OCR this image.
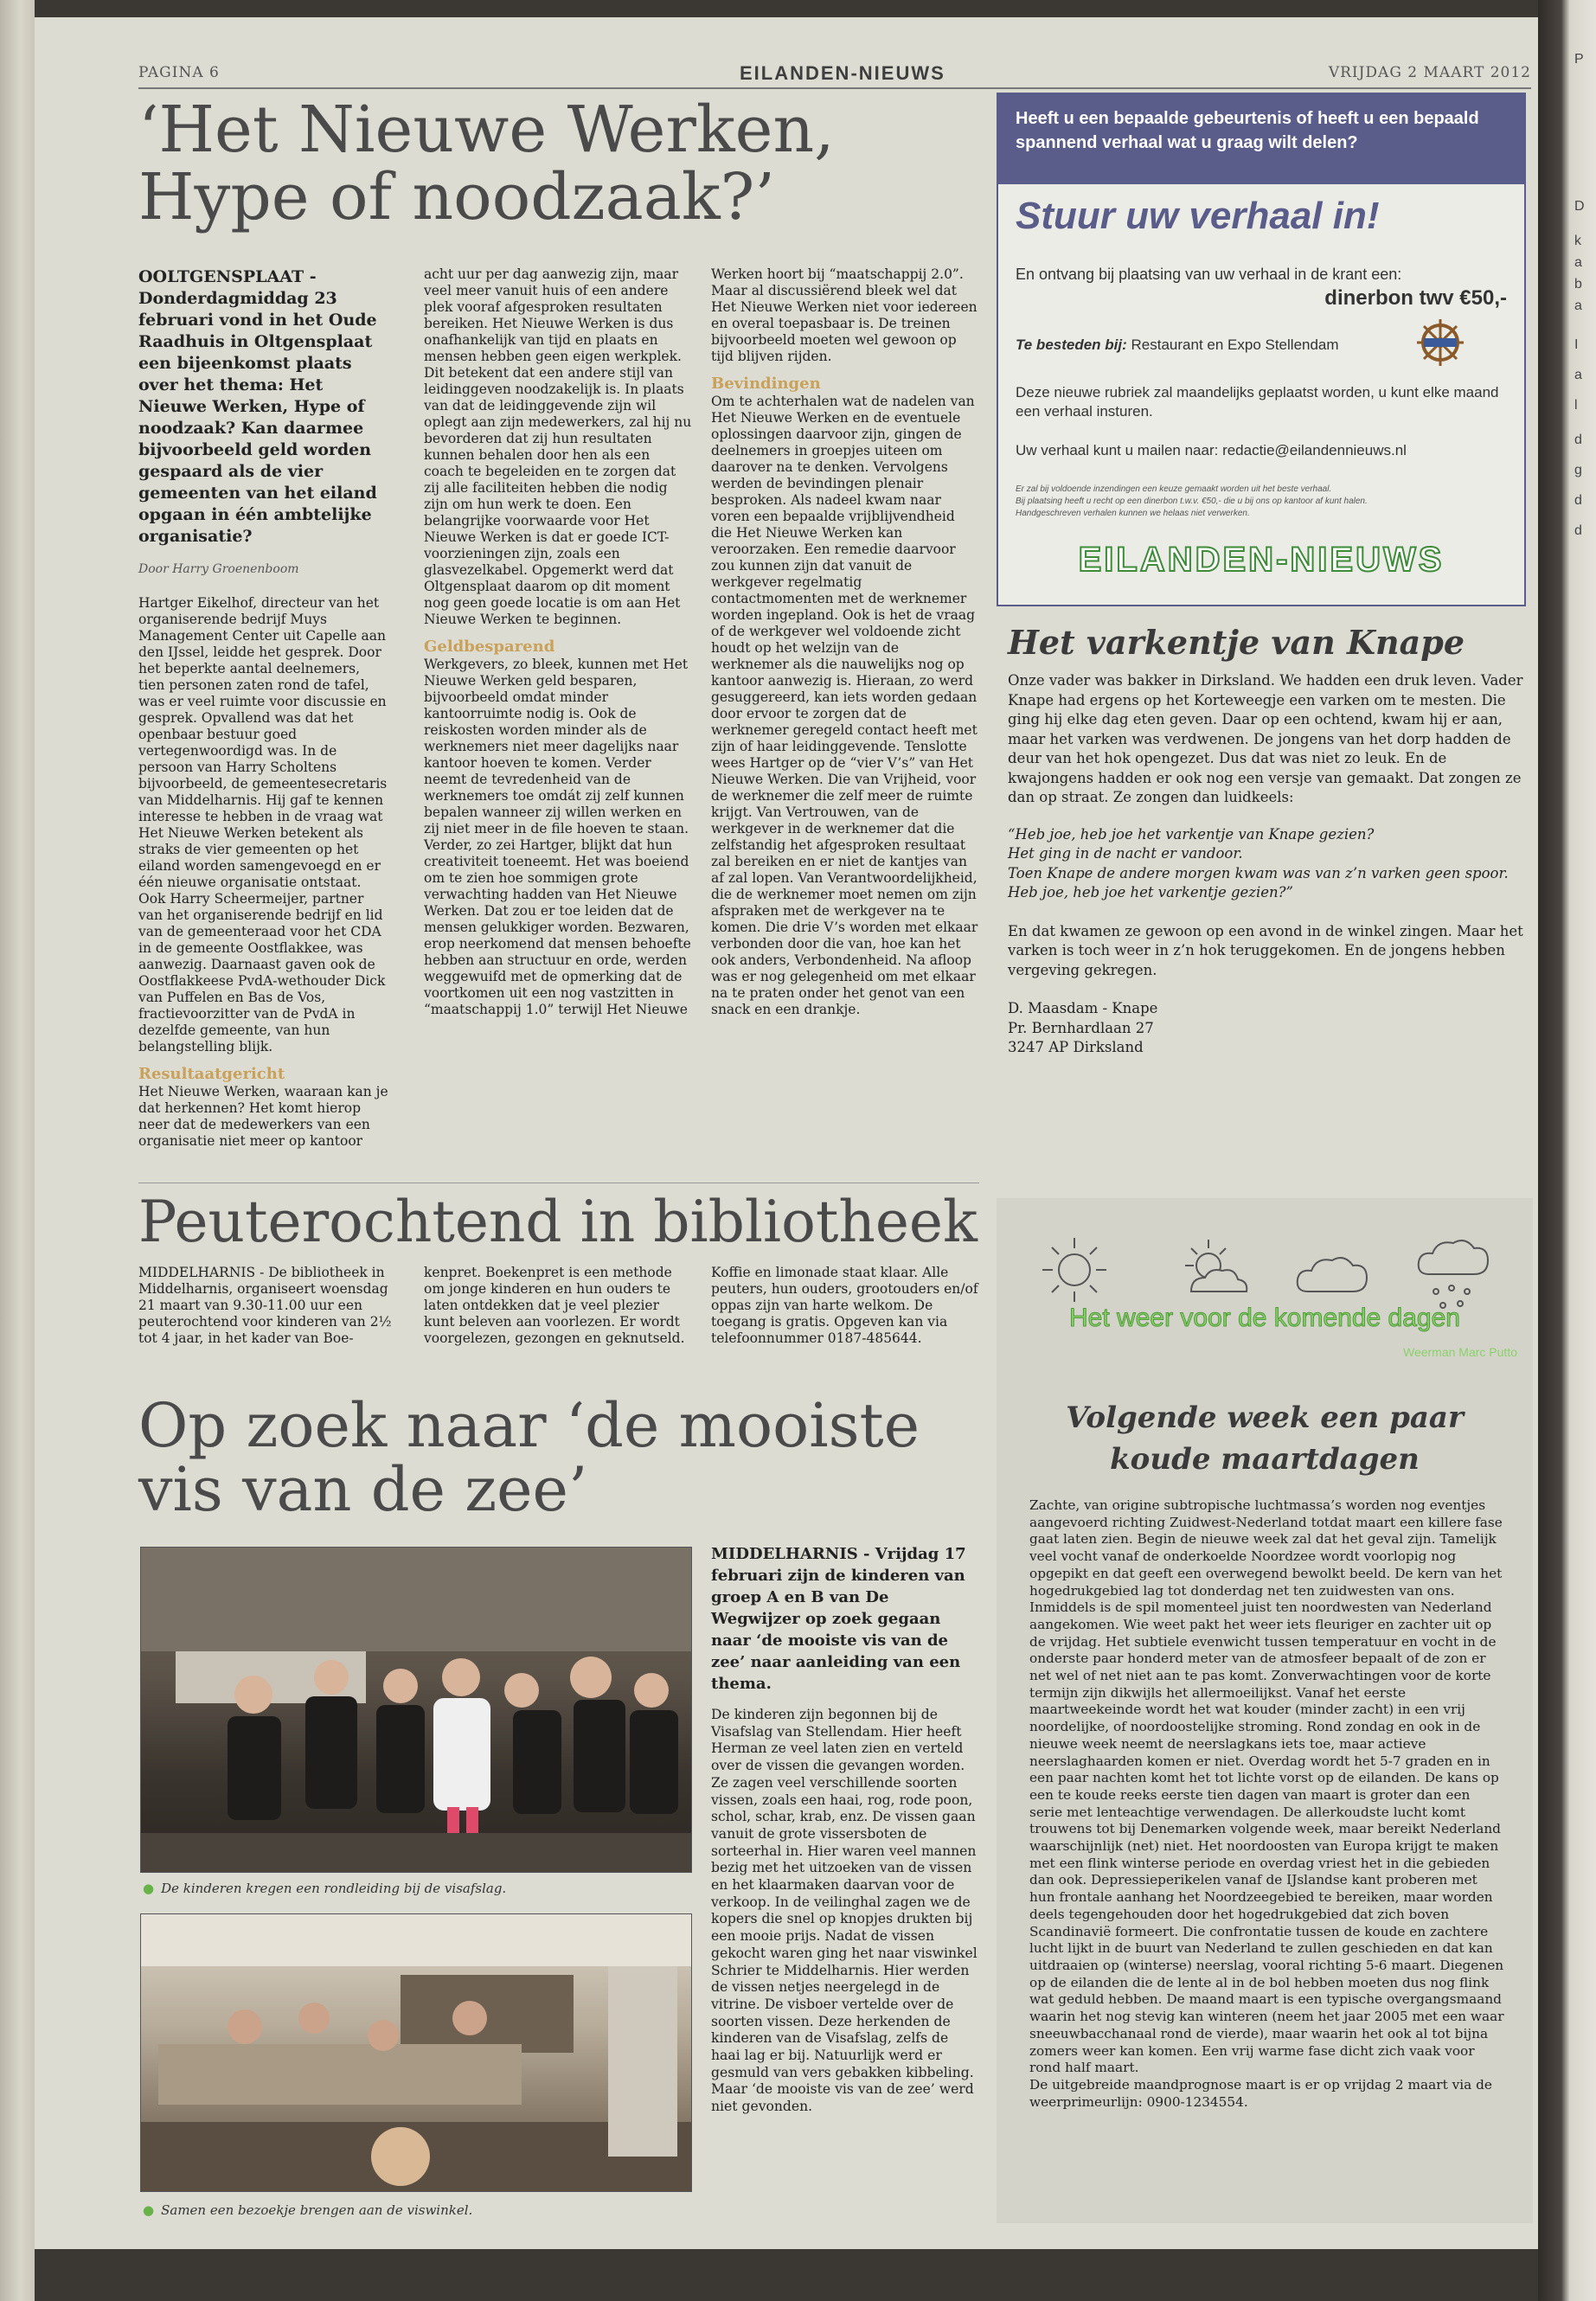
P
D
k
a
b
a
I
a
l
d
g
d
d
PAGINA 6	EILANDEN-NIEUWS	VRIJDAG 2 MAART 2012
‘Het Nieuwe Werken,
Hype of noodzaak?’

OOLTGENSPLAAT - Donderdagmiddag 23 februari vond in het Oude Raadhuis in Oltgensplaat een bijeenkomst plaats over het thema: Het Nieuwe Werken, Hype of noodzaak? Kan daarmee bijvoorbeeld geld worden gespaard als de vier gemeenten van het eiland opgaan in één ambtelijke organisatie?

Door Harry Groenenboom

Hartger Eikelhof, directeur van het organiserende bedrijf Muys Management Center uit Capelle aan den IJssel, leidde het gesprek. Door het beperkte aantal deelnemers, tien personen zaten rond de tafel, was er veel ruimte voor discussie en gesprek. Opvallend was dat het openbaar bestuur goed vertegenwoordigd was. In de persoon van Harry Scholtens bijvoorbeeld, de gemeentesecretaris van Middelharnis. Hij gaf te kennen interesse te hebben in de vraag wat Het Nieuwe Werken betekent als straks de vier gemeenten op het eiland worden samengevoegd en er één nieuwe organisatie ontstaat. Ook Harry Scheermeijer, partner van het organiserende bedrijf en lid van de gemeenteraad voor het CDA in de gemeente Oostflakkee, was aanwezig. Daarnaast gaven ook de Oostflakkeese PvdA-wethouder Dick van Puffelen en Bas de Vos, fractievoorzitter van de PvdA in dezelfde gemeente, van hun belangstelling blijk.

Resultaatgericht

Het Nieuwe Werken, waaraan kan je dat herkennen? Het komt hierop neer dat de medewerkers van een organisatie niet meer op kantoor

acht uur per dag aanwezig zijn, maar veel meer vanuit huis of een andere plek vooraf afgesproken resultaten bereiken. Het Nieuwe Werken is dus onafhankelijk van tijd en plaats en mensen hebben geen eigen werkplek. Dit betekent dat een andere stijl van leidinggeven noodzakelijk is. In plaats van dat de leidinggevende zijn wil oplegt aan zijn medewerkers, zal hij nu bevorderen dat zij hun resultaten kunnen behalen door hen als een coach te begeleiden en te zorgen dat zij alle faciliteiten hebben die nodig zijn om hun werk te doen. Een belangrijke voorwaarde voor Het Nieuwe Werken is dat er goede ICT-voorzieningen zijn, zoals een glasvezelkabel. Opgemerkt werd dat Oltgensplaat daarom op dit moment nog geen goede locatie is om aan Het Nieuwe Werken te beginnen.

Geldbesparend

Werkgevers, zo bleek, kunnen met Het Nieuwe Werken geld besparen, bijvoorbeeld omdat minder kantoorruimte nodig is. Ook de reiskosten worden minder als de werknemers niet meer dagelijks naar kantoor hoeven te komen. Verder neemt de tevredenheid van de werknemers toe omdát zij zelf kunnen bepalen wanneer zij willen werken en zij niet meer in de file hoeven te staan. Verder, zo zei Hartger, blijkt dat hun creativiteit toeneemt. Het was boeiend om te zien hoe sommigen grote verwachting hadden van Het Nieuwe Werken. Dat zou er toe leiden dat de mensen gelukkiger worden. Bezwaren, erop neerkomend dat mensen behoefte hebben aan structuur en orde, werden weggewuifd met de opmerking dat de voortkomen uit een nog vastzitten in “maatschappij 1.0” terwijl Het Nieuwe

Werken hoort bij “maatschappij 2.0”. Maar al discussiërend bleek wel dat Het Nieuwe Werken niet voor iedereen en overal toepasbaar is. De treinen bijvoorbeeld moeten wel gewoon op tijd blijven rijden.

Bevindingen

Om te achterhalen wat de nadelen van Het Nieuwe Werken en de eventuele oplossingen daarvoor zijn, gingen de deelnemers in groepjes uiteen om daarover na te denken. Vervolgens werden de bevindingen plenair besproken. Als nadeel kwam naar voren een bepaalde vrijblijvendheid die Het Nieuwe Werken kan veroorzaken. Een remedie daarvoor zou kunnen zijn dat vanuit de werkgever regelmatig contactmomenten met de werknemer worden ingepland. Ook is het de vraag of de werkgever wel voldoende zicht houdt op het welzijn van de werknemer als die nauwelijks nog op kantoor aanwezig is. Hieraan, zo werd gesuggereerd, kan iets worden gedaan door ervoor te zorgen dat de werknemer geregeld contact heeft met zijn of haar leidinggevende. Tenslotte wees Hartger op de “vier V’s” van Het Nieuwe Werken. Die van Vrijheid, voor de werknemer die zelf meer de ruimte krijgt. Van Vertrouwen, van de werkgever in de werknemer dat die zelfstandig het afgesproken resultaat zal bereiken en er niet de kantjes van af zal lopen. Van Verantwoordelijkheid, die de werknemer moet nemen om zijn afspraken met de werkgever na te komen. Die drie V’s worden met elkaar verbonden door die van, hoe kan het ook anders, Verbondenheid. Na afloop was er nog gelegenheid om met elkaar na te praten onder het genot van een snack en een drankje.

Heeft u een bepaalde gebeurtenis of heeft u een bepaald
spannend verhaal wat u graag wilt delen?
Stuur uw verhaal in!
En ontvang bij plaatsing van uw verhaal in de krant een:
dinerbon twv €50,-
Te besteden bij: Restaurant en Expo Stellendam
Deze nieuwe rubriek zal maandelijks geplaatst worden, u kunt elke maand een verhaal insturen.
Uw verhaal kunt u mailen naar: redactie@eilandennieuws.nl
Er zal bij voldoende inzendingen een keuze gemaakt worden uit het beste verhaal.
Bij plaatsing heeft u recht op een dinerbon t.w.v. €50,- die u bij ons op kantoor af kunt halen.
Handgeschreven verhalen kunnen we helaas niet verwerken.
EILANDEN-NIEUWS

Het varkentje van Knape

Onze vader was bakker in Dirksland. We hadden een druk leven. Vader Knape had ergens op het Korteweegje een varken om te mesten. Die ging hij elke dag eten geven. Daar op een ochtend, kwam hij er aan, maar het varken was verdwenen. De jongens van het dorp hadden de deur van het hok opengezet. Dus dat was niet zo leuk. En de kwajongens hadden er ook nog een versje van gemaakt. Dat zongen ze dan op straat. Ze zongen dan luidkeels:

“Heb joe, heb joe het varkentje van Knape gezien?

Het ging in de nacht er vandoor.

Toen Knape de andere morgen kwam was van z’n varken geen spoor.

Heb joe, heb joe het varkentje gezien?”

En dat kwamen ze gewoon op een avond in de winkel zingen. Maar het varken is toch weer in z’n hok teruggekomen. En de jongens hebben vergeving gekregen.

D. Maasdam - Knape

Pr. Bernhardlaan 27

3247 AP Dirksland

Peuterochtend in bibliotheek
MIDDELHARNIS - De bibliotheek in Middelharnis, organiseert woensdag 21 maart van 9.30-11.00 uur een peuterochtend voor kinderen van 2½ tot 4 jaar, in het kader van Boe-
kenpret. Boekenpret is een methode om jonge kinderen en hun ouders te laten ontdekken dat je veel plezier kunt beleven aan voorlezen. Er wordt voorgelezen, gezongen en geknutseld.
Koffie en limonade staat klaar. Alle peuters, hun ouders, grootouders en/of oppas zijn van harte welkom. De toegang is gratis. Opgeven kan via telefoonnummer 0187-485644.
Op zoek naar ‘de mooiste
vis van de zee’
● De kinderen kregen een rondleiding bij de visafslag.
● Samen een bezoekje brengen aan de viswinkel.

MIDDELHARNIS - Vrijdag 17 februari zijn de kinderen van groep A en B van De Wegwijzer op zoek gegaan naar ‘de mooiste vis van de zee’ naar aanleiding van een thema.

De kinderen zijn begonnen bij de Visafslag van Stellendam. Hier heeft Herman ze veel laten zien en verteld over de vissen die gevangen worden. Ze zagen veel verschillende soorten vissen, zoals een haai, rog, rode poon, schol, schar, krab, enz. De vissen gaan vanuit de grote vissersboten de sorteerhal in. Hier waren veel mannen bezig met het uitzoeken van de vissen en het klaarmaken daarvan voor de verkoop. In de veilinghal zagen we de kopers die snel op knopjes drukten bij een mooie prijs. Nadat de vissen gekocht waren ging het naar viswinkel Schrier te Middelharnis. Hier werden de vissen netjes neergelegd in de vitrine. De visboer vertelde over de soorten vissen. Deze herkenden de kinderen van de Visafslag, zelfs de haai lag er bij. Natuurlijk werd er gesmuld van vers gebakken kibbeling. Maar ‘de mooiste vis van de zee’ werd niet gevonden.

Het weer voor de komende dagen
Weerman Marc Putto
Volgende week een paar
koude maartdagen

Zachte, van origine subtropische luchtmassa’s worden nog eventjes aangevoerd richting Zuidwest-Nederland totdat maart een killere fase gaat laten zien. Begin de nieuwe week zal dat het geval zijn. Tamelijk veel vocht vanaf de onderkoelde Noordzee wordt voorlopig nog opgepikt en dat geeft een overwegend bewolkt beeld. De kern van het hogedrukgebied lag tot donderdag net ten zuidwesten van ons. Inmiddels is de spil momenteel juist ten noordwesten van Nederland aangekomen. Wie weet pakt het weer iets fleuriger en zachter uit op de vrijdag. Het subtiele evenwicht tussen temperatuur en vocht in de onderste paar honderd meter van de atmosfeer bepaalt of de zon er net wel of net niet aan te pas komt. Zonverwachtingen voor de korte termijn zijn dikwijls het allermoeilijkst. Vanaf het eerste maartweekeinde wordt het wat kouder (minder zacht) in een vrij noordelijke, of noordoostelijke stroming. Rond zondag en ook in de nieuwe week neemt de neerslagkans iets toe, maar actieve neerslaghaarden komen er niet. Overdag wordt het 5-7 graden en in een paar nachten komt het tot lichte vorst op de eilanden. De kans op een te koude reeks eerste tien dagen van maart is groter dan een serie met lenteachtige verwendagen. De allerkoudste lucht komt trouwens tot bij Denemarken volgende week, maar bereikt Nederland waarschijnlijk (net) niet. Het noordoosten van Europa krijgt te maken met een flink winterse periode en overdag vriest het in die gebieden dan ook. Depressieperikelen vanaf de IJslandse kant proberen met hun frontale aanhang het Noordzeegebied te bereiken, maar worden deels tegengehouden door het hogedrukgebied dat zich boven Scandinavië formeert. Die confrontatie tussen de koude en zachtere lucht lijkt in de buurt van Nederland te zullen geschieden en dat kan uitdraaien op (winterse) neerslag, vooral richting 5-6 maart. Diegenen op de eilanden die de lente al in de bol hebben moeten dus nog flink wat geduld hebben. De maand maart is een typische overgangsmaand waarin het nog stevig kan winteren (neem het jaar 2005 met een waar sneeuwbacchanaal rond de vierde), maar waarin het ook al tot bijna zomers weer kan komen. Een vrij warme fase dicht zich vaak voor rond half maart.

De uitgebreide maandprognose maart is er op vrijdag 2 maart via de weerprimeurlijn: 0900-1234554.
